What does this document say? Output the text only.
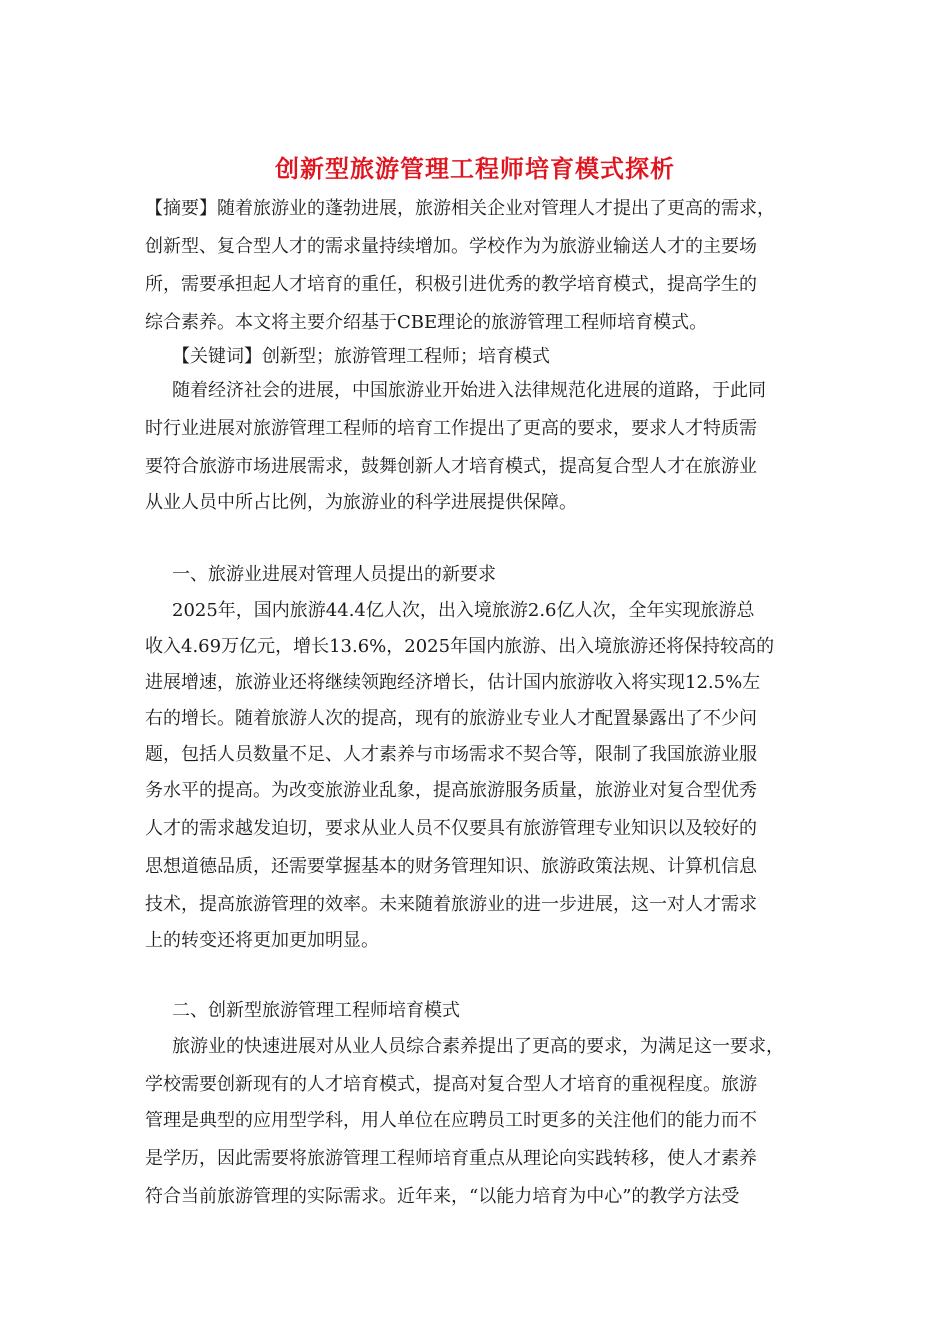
创新型旅游管理工程师培育模式探析
【摘要】随着旅游业的蓬勃进展，旅游相关企业对管理人才提出了更高的需求，
创新型、复合型人才的需求量持续增加。学校作为为旅游业输送人才的主要场
所，需要承担起人才培育的重任，积极引进优秀的教学培育模式，提高学生的
综合素养。本文将主要介绍基于CBE理论的旅游管理工程师培育模式。
【关键词】创新型；旅游管理工程师；培育模式
随着经济社会的进展，中国旅游业开始进入法律规范化进展的道路，于此同
时行业进展对旅游管理工程师的培育工作提出了更高的要求，要求人才特质需
要符合旅游市场进展需求，鼓舞创新人才培育模式，提高复合型人才在旅游业
从业人员中所占比例，为旅游业的科学进展提供保障。
一、旅游业进展对管理人员提出的新要求
2025年，国内旅游44.4亿人次，出入境旅游2.6亿人次，全年实现旅游总
收入4.69万亿元，增长13.6%，2025年国内旅游、出入境旅游还将保持较高的
进展增速，旅游业还将继续领跑经济增长，估计国内旅游收入将实现12.5%左
右的增长。随着旅游人次的提高，现有的旅游业专业人才配置暴露出了不少问
题，包括人员数量不足、人才素养与市场需求不契合等，限制了我国旅游业服
务水平的提高。为改变旅游业乱象，提高旅游服务质量，旅游业对复合型优秀
人才的需求越发迫切，要求从业人员不仅要具有旅游管理专业知识以及较好的
思想道德品质，还需要掌握基本的财务管理知识、旅游政策法规、计算机信息
技术，提高旅游管理的效率。未来随着旅游业的进一步进展，这一对人才需求
上的转变还将更加更加明显。
二、创新型旅游管理工程师培育模式
旅游业的快速进展对从业人员综合素养提出了更高的要求，为满足这一要求，
学校需要创新现有的人才培育模式，提高对复合型人才培育的重视程度。旅游
管理是典型的应用型学科，用人单位在应聘员工时更多的关注他们的能力而不
是学历，因此需要将旅游管理工程师培育重点从理论向实践转移，使人才素养
符合当前旅游管理的实际需求。近年来，“以能力培育为中心”的教学方法受
